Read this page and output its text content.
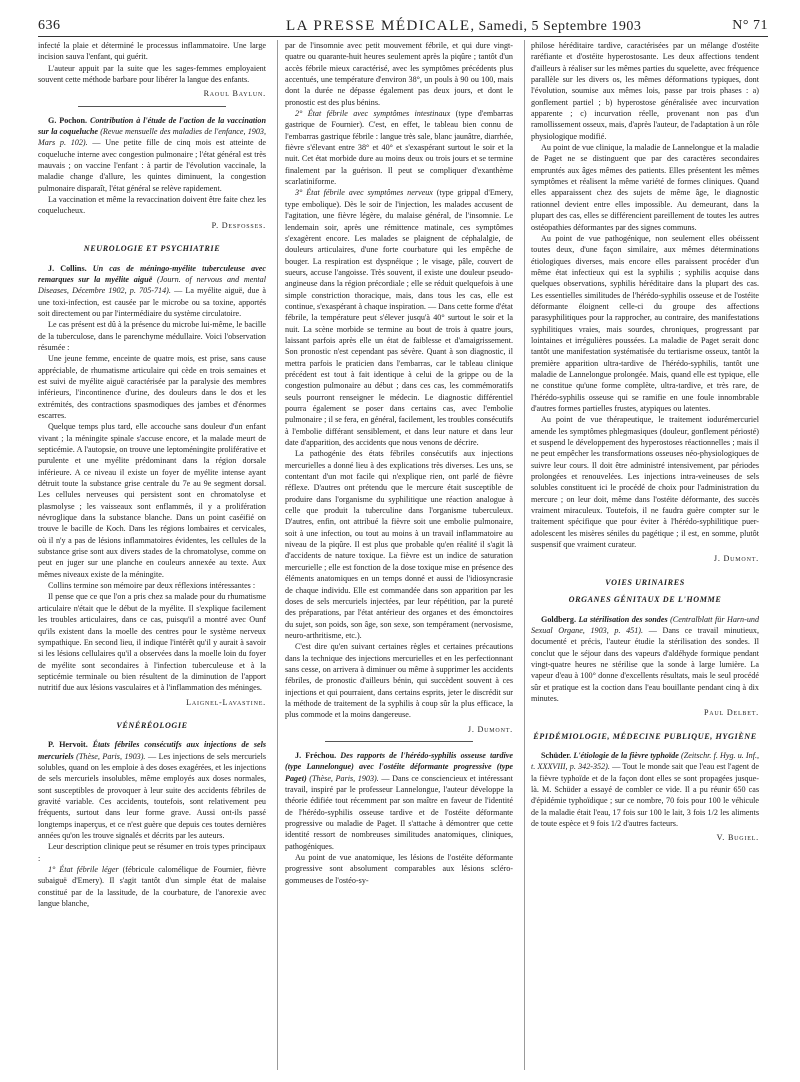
636	LA PRESSE MÉDICALE, Samedi, 5 Septembre 1903	N° 71

infecté la plaie et déterminé le processus inflammatoire. Une large incision sauva l'enfant, qui guérit.

L'auteur appuit par la suite que les sages-femmes employaient souvent cette méthode barbare pour libérer la langue des enfants.

Raoul Baylun.

G. Pochon. Contribution à l'étude de l'action de la vaccination sur la coqueluche (Revue mensuelle des maladies de l'enfance, 1903, Mars p. 102). — Une petite fille de cinq mois est atteinte de coqueluche interne avec congestion pulmonaire ; l'état général est très mauvais ; on vaccine l'enfant : à partir de l'évolution vaccinale, la maladie change d'allure, les quintes diminuent, la congestion pulmonaire disparaît, l'état général se relève rapidement.

La vaccination et même la revaccination doivent être faite chez les coquelucheux.

P. Desfosses.
NEUROLOGIE ET PSYCHIATRIE

J. Collins. Un cas de méningo-myélite tuberculeuse avec remarques sur la myélite aiguë (Journ. of nervous and mental Diseases, Décembre 1902, p. 705-714). — La myélite aiguë, due à une toxi-infection, est causée par le microbe ou sa toxine, apportés soit directement ou par l'intermédiaire du système circulatoire.

Le cas présent est dû à la présence du microbe lui-même, le bacille de la tuberculose, dans le parenchyme médullaire. Voici l'observation résumée :

Une jeune femme, enceinte de quatre mois, est prise, sans cause appréciable, de rhumatisme articulaire qui cède en trois semaines et est suivi de myélite aiguë caractérisée par la paralysie des membres inférieurs, l'incontinence d'urine, des douleurs dans le dos et les extrémités, des contractions spasmodiques des jambes et d'énormes escarres.

Quelque temps plus tard, elle accouche sans douleur d'un enfant vivant ; la méningite spinale s'accuse encore, et la malade meurt de septicémie. A l'autopsie, on trouve une leptoméningite proliférative et purulente et une myélite prédominant dans la région dorsale inférieure. A ce niveau il existe un foyer de myélite intense ayant détruit toute la substance grise centrale du 7e au 9e segment dorsal. Les cellules nerveuses qui persistent sont en chromatolyse et plasmolyse ; les vaisseaux sont enflammés, il y a prolifération névroglique dans la substance blanche. Dans un point caséifié on trouve le bacille de Koch. Dans les régions lombaires et cervicales, où il n'y a pas de lésions inflammatoires évidentes, les cellules de la substance grise sont aux divers stades de la chromatolyse, comme on peut en juger sur une planche en couleurs annexée au texte. Aux mêmes niveaux existe de la méningite.

Collins termine son mémoire par deux réflexions intéressantes :

Il pense que ce que l'on a pris chez sa malade pour du rhumatisme articulaire n'était que le début de la myélite. Il s'explique facilement les troubles articulaires, dans ce cas, puisqu'il a montré avec Ounf qu'ils existent dans la moelle des centres pour le système nerveux sympathique. En second lieu, il indique l'intérêt qu'il y aurait à savoir si les lésions cellulaires qu'il a observées dans la moelle loin du foyer de myélite sont secondaires à l'infection tuberculeuse et à la septicémie terminale ou bien résultent de la diminution de l'apport nutritif due aux lésions vasculaires et à l'inflammation des méninges.

Laignel-Lavastine.
VÉNÉRÉOLOGIE

P. Hervoit. États fébriles consécutifs aux injections de sels mercuriels (Thèse, Paris, 1903). — Les injections de sels mercuriels solubles, quand on les emploie à des doses exagérées, et les injections de sels mercuriels insolubles, même employés aux doses normales, sont susceptibles de provoquer à leur suite des accidents fébriles de gravité variable. Ces accidents, toutefois, sont relativement peu fréquents, surtout dans leur forme grave. Aussi ont-ils passé longtemps inaperçus, et ce n'est guère que depuis ces toutes dernières années qu'on les trouve signalés et décrits par les auteurs.

Leur description clinique peut se résumer en trois types principaux :

1° État fébrile léger (fébricule calomélique de Fournier, fièvre subaiguë d'Emery). Il s'agit tantôt d'un simple état de malaise constitué par de la lassitude, de la courbature, de l'anorexie avec langue blanche,

par de l'insomnie avec petit mouvement fébrile, et qui dure vingt-quatre ou quarante-huit heures seulement après la piqûre ; tantôt d'un accès fébrile mieux caractérisé, avec les symptômes précédents plus accentués, une température d'environ 38°, un pouls à 90 ou 100, mais dont la durée ne dépasse également pas deux jours, et dont le pronostic est des plus bénins.

2° État fébrile avec symptômes intestinaux (type d'embarras gastrique de Fournier). C'est, en effet, le tableau bien connu de l'embarras gastrique fébrile : langue très sale, blanc jaunâtre, diarrhée, fièvre s'élevant entre 38° et 40° et s'exaspérant surtout le soir et la nuit. Cet état morbide dure au moins deux ou trois jours et se termine finalement par la guérison. Il peut se compliquer d'exanthème scarlatiniforme.

3° État fébrile avec symptômes nerveux (type grippal d'Emery, type embolique). Dès le soir de l'injection, les malades accusent de l'agitation, une fièvre légère, du malaise général, de l'insomnie. Le lendemain soir, après une rémittence matinale, ces symptômes s'exagèrent encore. Les malades se plaignent de céphalalgie, de douleurs articulaires, d'une forte courbature qui les empêche de bouger. La respiration est dyspnéique ; le visage, pâle, couvert de sueurs, accuse l'angoisse. Très souvent, il existe une douleur pseudo-angineuse dans la région précordiale ; elle se réduit quelquefois à une simple constriction thoracique, mais, dans tous les cas, elle est continue, s'exaspérant à chaque inspiration. — Dans cette forme d'état fébrile, la température peut s'élever jusqu'à 40° surtout le soir et la nuit. La scène morbide se termine au bout de trois à quatre jours, laissant parfois après elle un état de faiblesse et d'amaigrissement. Son pronostic n'est cependant pas sévère. Quant à son diagnostic, il mettra parfois le praticien dans l'embarras, car le tableau clinique précédent est tout à fait identique à celui de la grippe ou de la congestion pulmonaire au début ; dans ces cas, les commémoratifs seuls pourront renseigner le médecin. Le diagnostic différentiel pourra également se poser dans certains cas, avec l'embolie pulmonaire ; il se fera, en général, facilement, les troubles consécutifs à l'embolie différant sensiblement, et dans leur nature et dans leur date d'apparition, des accidents que nous venons de décrire.

La pathogénie des états fébriles consécutifs aux injections mercurielles a donné lieu à des explications très diverses. Les uns, se contentant d'un mot facile qui n'explique rien, ont parlé de fièvre réflexe. D'autres ont prétendu que le mercure était susceptible de produire dans l'organisme du syphilitique une réaction analogue à celle que produit la tuberculine dans l'organisme tuberculeux. D'autres, enfin, ont attribué la fièvre soit une embolie pulmonaire, soit à une infection, ou tout au moins à un travail inflammatoire au niveau de la piqûre. Il est plus que probable qu'en réalité il s'agit là d'accidents de nature toxique. La fièvre est un indice de saturation mercurielle ; elle est fonction de la dose toxique mise en présence des éléments anatomiques en un temps donné et aussi de l'idiosyncrasie de chaque individu. Elle est commandée dans son apparition par les doses de sels mercuriels injectées, par leur répétition, par la pureté des préparations, par l'état antérieur des organes et des émonctoires du sujet, son poids, son âge, son sexe, son tempérament (nervosisme, neuro-arthritisme, etc.).

C'est dire qu'en suivant certaines règles et certaines précautions dans la technique des injections mercurielles et en les perfectionnant sans cesse, on arrivera à diminuer ou même à supprimer les accidents fébriles, de pronostic d'ailleurs bénin, qui succèdent souvent à ces injections et qui pourraient, dans certains esprits, jeter le discrédit sur la méthode de traitement de la syphilis à coup sûr la plus efficace, la plus commode et la moins dangereuse.

J. Dumont.

J. Fréchou. Des rapports de l'hérédo-syphilis osseuse tardive (type Lannelongue) avec l'ostéite déformante progressive (type Paget) (Thèse, Paris, 1903). — Dans ce consciencieux et intéressant travail, inspiré par le professeur Lannelongue, l'auteur développe la théorie édifiée tout récemment par son maître en faveur de l'identité de l'hérédo-syphilis osseuse tardive et de l'ostéite déformante progressive ou maladie de Paget. Il s'attache à démontrer que cette identité ressort de nombreuses similitudes anatomiques, cliniques, pathogéniques.

Au point de vue anatomique, les lésions de l'ostéite déformante progressive sont absolument comparables aux lésions scléro-gommeuses de l'ostéo-sy-

philose héréditaire tardive, caractérisées par un mélange d'ostéite raréfiante et d'ostéite hyperostosante. Les deux affections tendent d'ailleurs à réaliser sur les mêmes parties du squelette, avec fréquence parallèle sur les divers os, les mêmes déformations typiques, dont l'évolution, soumise aux mêmes lois, passe par trois phases : a) gonflement partiel ; b) hyperostose généralisée avec incurvation apparente ; c) incurvation réelle, provenant non pas d'un ramollissement osseux, mais, d'après l'auteur, de l'adaptation à un rôle physiologique modifié.

Au point de vue clinique, la maladie de Lannelongue et la maladie de Paget ne se distinguent que par des caractères secondaires empruntés aux âges mêmes des patients. Elles présentent les mêmes symptômes et réalisent la même variété de formes cliniques. Quand elles apparaissent chez des sujets de même âge, le diagnostic rationnel devient entre elles impossible. Au demeurant, dans la plupart des cas, elles se différencient pareillement de toutes les autres ostéopathies déformantes par des signes communs.

Au point de vue pathogénique, non seulement elles obéissent toutes deux, d'une façon similaire, aux mêmes déterminations étiologiques diverses, mais encore elles paraissent procéder d'un même état infectieux qui est la syphilis ; syphilis acquise dans quelques observations, syphilis héréditaire dans la plupart des cas. Les essentielles similitudes de l'hérédo-syphilis osseuse et de l'ostéite déformante éloignent celle-ci du groupe des affections parasyphilitiques pour la rapprocher, au contraire, des manifestations syphilitiques vraies, mais sourdes, chroniques, progressant par lointaines et irrégulières poussées. La maladie de Paget serait donc tantôt une manifestation systématisée du tertiarisme osseux, tantôt la première apparition ultra-tardive de l'hérédo-syphilis, tantôt une maladie de Lannelongue prolongée. Mais, quand elle est typique, elle ne constitue qu'une forme complète, ultra-tardive, et très rare, de l'hérédo-syphilis osseuse qui se ramifie en une foule innombrable d'autres formes partielles frustes, atypiques ou latentes.

Au point de vue thérapeutique, le traitement iodurémercuriel amende les symptômes phlegmasiques (douleur, gonflement périosté) et suspend le développement des hyperostoses réactionnelles ; mais il ne peut empêcher les transformations osseuses néo-physiologiques de suivre leur cours. Il doit être administré intensivement, par périodes prolongées et renouvelées. Les injections intra-veineuses de sels solubles constituent ici le procédé de choix pour l'administration du mercure ; on leur doit, même dans l'ostéite déformante, des succès vraiment miraculeux. Toutefois, il ne faudra guère compter sur le traitement spécifique que pour éviter à l'hérédo-syphilitique puer-adolescent les misères séniles du pagétique ; il est, en somme, plutôt suspensif que vraiment curateur.

J. Dumont.
VOIES URINAIRES
ORGANES GÉNITAUX DE L'HOMME

Goldberg. La stérilisation des sondes (Centralblatt für Harn-und Sexual Organe, 1903, p. 451). — Dans ce travail minutieux, documenté et précis, l'auteur étudie la stérilisation des sondes. Il conclut que le séjour dans des vapeurs d'aldéhyde formique pendant vingt-quatre heures ne stérilise que la sonde à large lumière. La vapeur d'eau à 100° donne d'excellents résultats, mais le seul procédé sûr et pratique est la coction dans l'eau bouillante pendant cinq à dix minutes.

Paul Delbet.
ÉPIDÉMIOLOGIE, MÉDECINE PUBLIQUE, HYGIÈNE

Schüder. L'étiologie de la fièvre typhoïde (Zeitschr. f. Hyg. u. Inf., t. XXXVIII, p. 342-352). — Tout le monde sait que l'eau est l'agent de la fièvre typhoïde et de la façon dont elles se sont propagées jusque-là. M. Schüder a essayé de combler ce vide. Il a pu réunir 650 cas d'épidémie typhoïdique ; sur ce nombre, 70 fois pour 100 le véhicule de la maladie était l'eau, 17 fois sur 100 le lait, 3 fois 1/2 les aliments de toute espèce et 9 fois 1/2 d'autres facteurs.

V. Bugiel.
